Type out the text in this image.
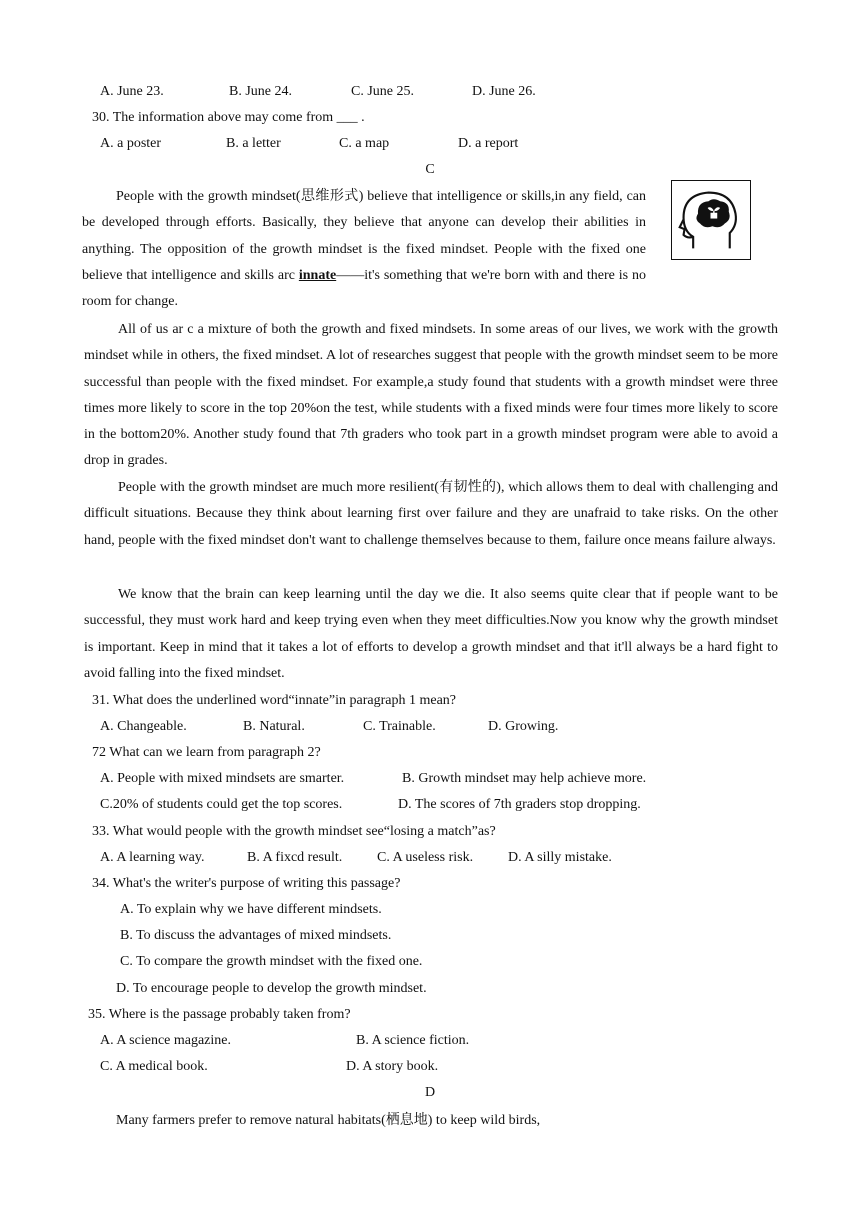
A. June 23.	B. June 24.	C. June 25.	D. June 26.
30. The information above may come from ___ .
A. a poster	B. a letter	C. a map	D. a report
C
People with the growth mindset(思维形式) believe that intelligence or skills,in any field, can be developed through efforts. Basically, they believe that anyone can develop their abilities in anything. The opposition of the growth mindset is the fixed mindset. People with the fixed one believe that intelligence and skills arc innate——it's something that we're born with and there is no room for change.
All of us ar c a mixture of both the growth and fixed mindsets. In some areas of our lives, we work with the growth mindset while in others, the fixed mindset. A lot of researches suggest that people with the growth mindset seem to be more successful than people with the fixed mindset. For example,a study found that students with a growth mindset were three times more likely to score in the top 20%on the test, while students with a fixed minds were four times more likely to score in the bottom20%. Another study found that 7th graders who took part in a growth mindset program were able to avoid a drop in grades.
People with the growth mindset are much more resilient(有韧性的), which allows them to deal with challenging and difficult situations. Because they think about learning first over failure and they are unafraid to take risks. On the other hand, people with the fixed mindset don't want to challenge themselves because to them, failure once means failure always.
We know that the brain can keep learning until the day we die. It also seems quite clear that if people want to be successful, they must work hard and keep trying even when they meet difficulties.Now you know why the growth mindset is important. Keep in mind that it takes a lot of efforts to develop a growth mindset and that it'll always be a hard fight to avoid falling into the fixed mindset.
31. What does the underlined word“innate”in paragraph 1 mean?
A. Changeable.	B. Natural.	C. Trainable.	D. Growing.
72 What can we learn from paragraph 2?
A. People with mixed mindsets are smarter.	B. Growth mindset may help achieve more.
C.20% of students could get the top scores.	D. The scores of 7th graders stop dropping.
33. What would people with the growth mindset see“losing a match”as?
A. A learning way.	B. A fixcd result. C. A useless risk. D. A silly mistake.
34. What's the writer's purpose of writing this passage?
A. To explain why we have different mindsets.
B. To discuss the advantages of mixed mindsets.
C. To compare the growth mindset with the fixed one.
D. To encourage people to develop the growth mindset.
35. Where is the passage probably taken from?
A. A science magazine.	B. A science fiction.
C. A medical book.	D. A story book.
D
Many farmers prefer to remove natural habitats(栖息地) to keep wild birds,
